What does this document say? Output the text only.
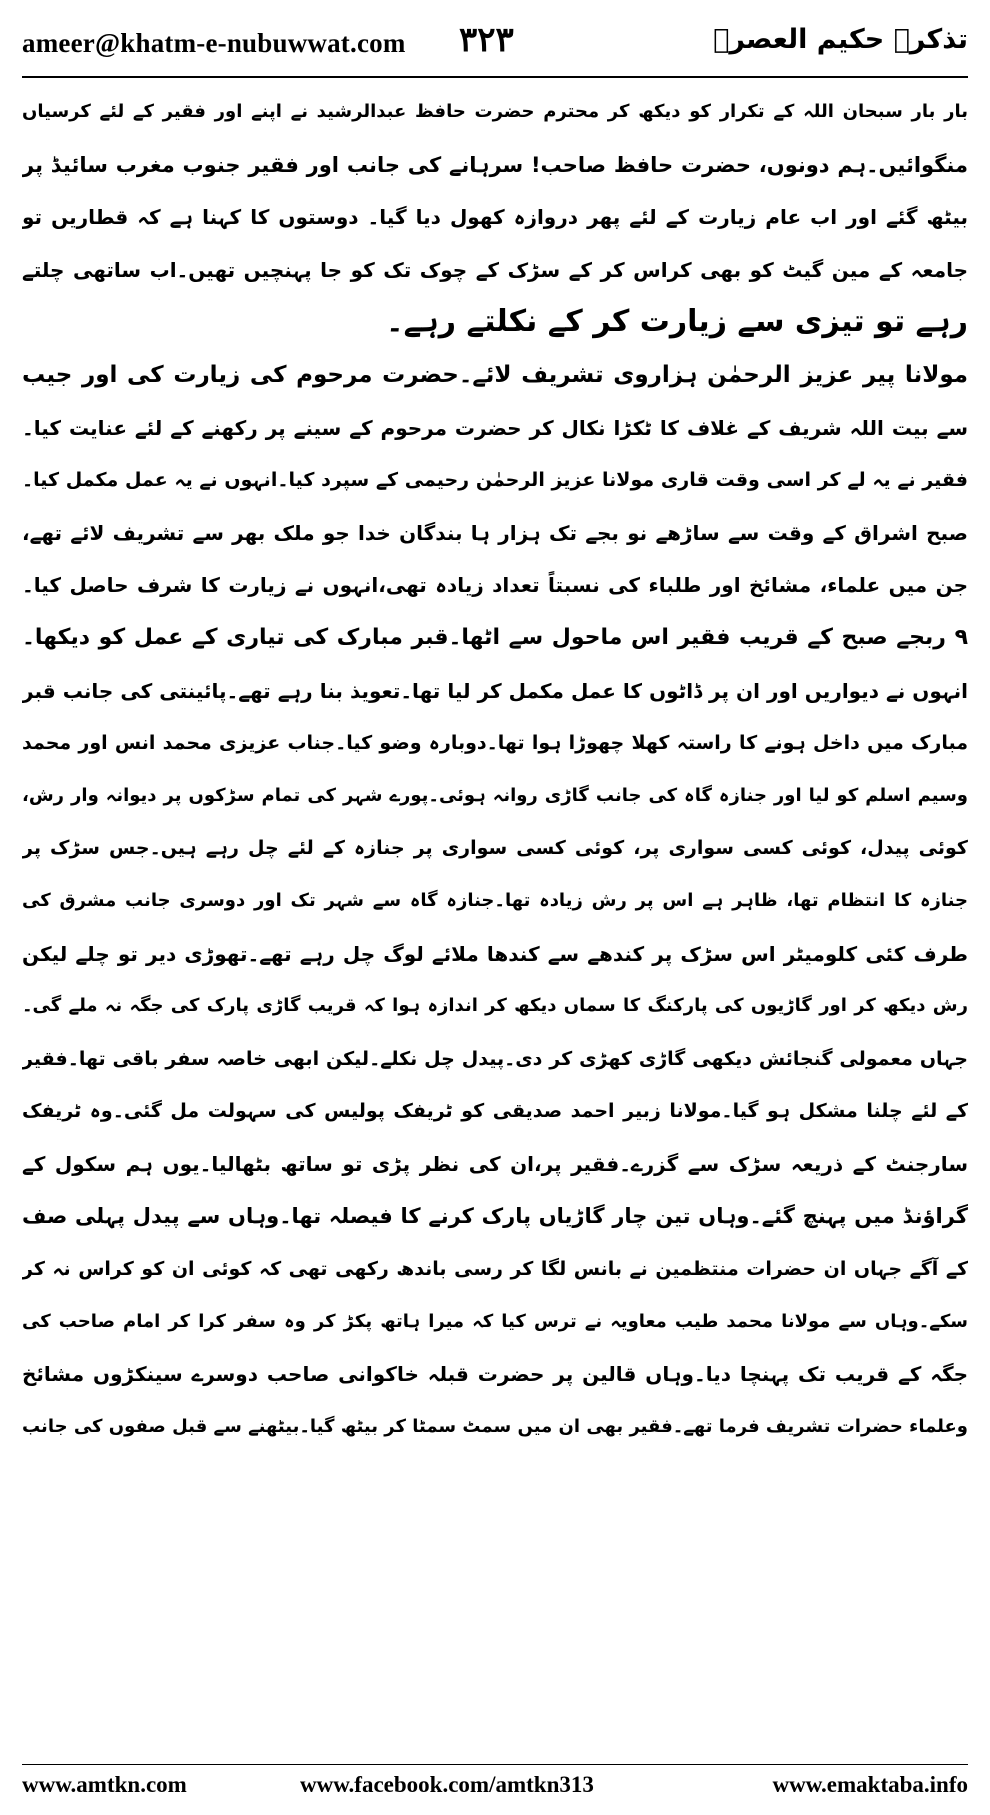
ameer@khatm-e-nubuwwat.com ۳۲۳	تذکرہ حکیم العصرؒ
بار بار سبحان اللہ کے تکرار کو دیکھ کر محترم حضرت حافظ عبدالرشید نے اپنے اور فقیر کے لئے کرسیاں
منگوائیں۔ہم دونوں، حضرت حافظ صاحب! سرہانے کی جانب اور فقیر جنوب مغرب سائیڈ پر
بیٹھ گئے اور اب عام زیارت کے لئے پھر دروازہ کھول دیا گیا۔ دوستوں کا کہنا ہے کہ قطاریں تو
جامعہ کے مین گیٹ کو بھی کراس کر کے سڑک کے چوک تک کو جا پہنچیں تھیں۔اب ساتھی چلتے
رہے تو تیزی سے زیارت کر کے نکلتے رہے۔
مولانا پیر عزیز الرحمٰن ہزاروی تشریف لائے۔حضرت مرحوم کی زیارت کی اور جیب
سے بیت اللہ شریف کے غلاف کا ٹکڑا نکال کر حضرت مرحوم کے سینے پر رکھنے کے لئے عنایت کیا۔
فقیر نے یہ لے کر اسی وقت قاری مولانا عزیز الرحمٰن رحیمی کے سپرد کیا۔انہوں نے یہ عمل مکمل کیا۔
صبح اشراق کے وقت سے ساڑھے نو بجے تک ہزار ہا بندگان خدا جو ملک بھر سے تشریف لائے تھے،
جن میں علماء، مشائخ اور طلباء کی نسبتاً تعداد زیادہ تھی،انہوں نے زیارت کا شرف حاصل کیا۔
۹ ربجے صبح کے قریب فقیر اس ماحول سے اٹھا۔قبر مبارک کی تیاری کے عمل کو دیکھا۔
انہوں نے دیواریں اور ان پر ڈاٹوں کا عمل مکمل کر لیا تھا۔تعویذ بنا رہے تھے۔پائینتی کی جانب قبر
مبارک میں داخل ہونے کا راستہ کھلا چھوڑا ہوا تھا۔دوبارہ وضو کیا۔جناب عزیزی محمد انس اور محمد
وسیم اسلم کو لیا اور جنازہ گاہ کی جانب گاڑی روانہ ہوئی۔پورے شہر کی تمام سڑکوں پر دیوانہ وار رش،
کوئی پیدل، کوئی کسی سواری پر، کوئی کسی سواری پر جنازہ کے لئے چل رہے ہیں۔جس سڑک پر
جنازہ کا انتظام تھا، ظاہر ہے اس پر رش زیادہ تھا۔جنازہ گاہ سے شہر تک اور دوسری جانب مشرق کی
طرف کئی کلومیٹر اس سڑک پر کندھے سے کندھا ملائے لوگ چل رہے تھے۔تھوڑی دیر تو چلے لیکن
رش دیکھ کر اور گاڑیوں کی پارکنگ کا سماں دیکھ کر اندازہ ہوا کہ قریب گاڑی پارک کی جگہ نہ ملے گی۔
جہاں معمولی گنجائش دیکھی گاڑی کھڑی کر دی۔پیدل چل نکلے۔لیکن ابھی خاصہ سفر باقی تھا۔فقیر
کے لئے چلنا مشکل ہو گیا۔مولانا زبیر احمد صدیقی کو ٹریفک پولیس کی سہولت مل گئی۔وہ ٹریفک
سارجنٹ کے ذریعہ سڑک سے گزرے۔فقیر پر،ان کی نظر پڑی تو ساتھ بٹھالیا۔یوں ہم سکول کے
گراؤنڈ میں پہنچ گئے۔وہاں تین چار گاڑیاں پارک کرنے کا فیصلہ تھا۔وہاں سے پیدل پہلی صف
کے آگے جہاں ان حضرات منتظمین نے بانس لگا کر رسی باندھ رکھی تھی کہ کوئی ان کو کراس نہ کر
سکے۔وہاں سے مولانا محمد طیب معاویہ نے ترس کیا کہ میرا ہاتھ پکڑ کر وہ سفر کرا کر امام صاحب کی
جگہ کے قریب تک پہنچا دیا۔وہاں قالین پر حضرت قبلہ خاکوانی صاحب دوسرے سینکڑوں مشائخ
وعلماء حضرات تشریف فرما تھے۔فقیر بھی ان میں سمٹ سمٹا کر بیٹھ گیا۔بیٹھنے سے قبل صفوں کی جانب
www.amtkn.com	www.facebook.com/amtkn313	www.emaktaba.info
